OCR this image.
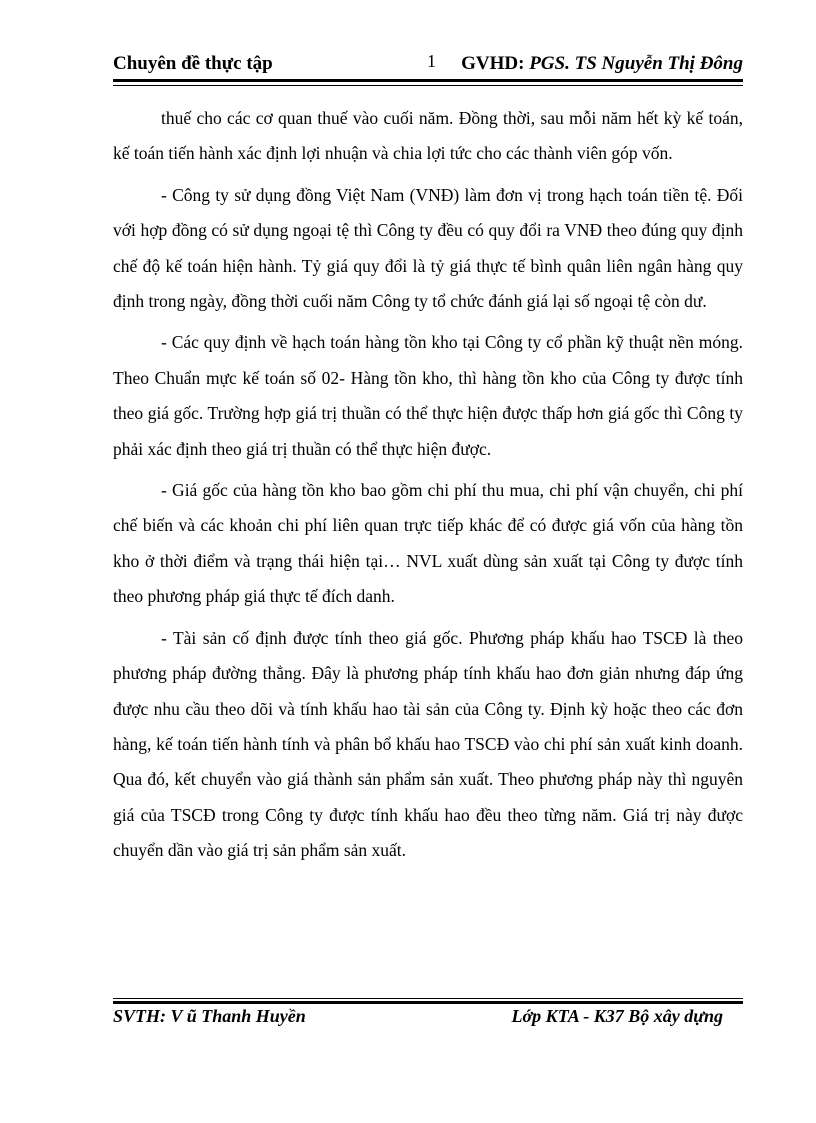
Chuyên đề thực tập	1 GVHD: PGS. TS Nguyễn Thị Đông

thuế cho các cơ quan thuế vào cuối năm. Đồng thời, sau mỗi năm hết kỳ kế toán, kế toán tiến hành xác định lợi nhuận và chia lợi tức cho các thành viên góp vốn.

- Công ty sử dụng đồng Việt Nam (VNĐ) làm đơn vị trong hạch toán tiền tệ. Đối với hợp đồng có sử dụng ngoại tệ thì Công ty đều có quy đổi ra VNĐ theo đúng quy định chế độ kế toán hiện hành. Tỷ giá quy đổi là tỷ giá thực tế bình quân liên ngân hàng quy định trong ngày, đồng thời cuối năm Công ty tổ chức đánh giá lại số ngoại tệ còn dư.

- Các quy định về hạch toán hàng tồn kho tại Công ty cổ phần kỹ thuật nền móng. Theo Chuẩn mực kế toán số 02- Hàng tồn kho, thì hàng tồn kho của Công ty được tính theo giá gốc. Trường hợp giá trị thuần có thể thực hiện được thấp hơn giá gốc thì Công ty phải xác định theo giá trị thuần có thể thực hiện được.

- Giá gốc của hàng tồn kho bao gồm chi phí thu mua, chi phí vận chuyển, chi phí chế biến và các khoản chi phí liên quan trực tiếp khác để có được giá vốn của hàng tồn kho ở thời điểm và trạng thái hiện tại… NVL xuất dùng sản xuất tại Công ty được tính theo phương pháp giá thực tế đích danh.

- Tài sản cố định được tính theo giá gốc. Phương pháp khấu hao TSCĐ là theo phương pháp đường thẳng. Đây là phương pháp tính khấu hao đơn giản nhưng đáp ứng được nhu cầu theo dõi và tính khấu hao tài sản của Công ty. Định kỳ hoặc theo các đơn hàng, kế toán tiến hành tính và phân bổ khấu hao TSCĐ vào chi phí sản xuất kinh doanh. Qua đó, kết chuyển vào giá thành sản phẩm sản xuất. Theo phương pháp này thì nguyên giá của TSCĐ trong Công ty được tính khấu hao đều theo từng năm. Giá trị này được chuyển dần vào giá trị sản phẩm sản xuất.

SVTH: V ũ Thanh Huyền	Lớp KTA - K37 Bộ xây dựng
